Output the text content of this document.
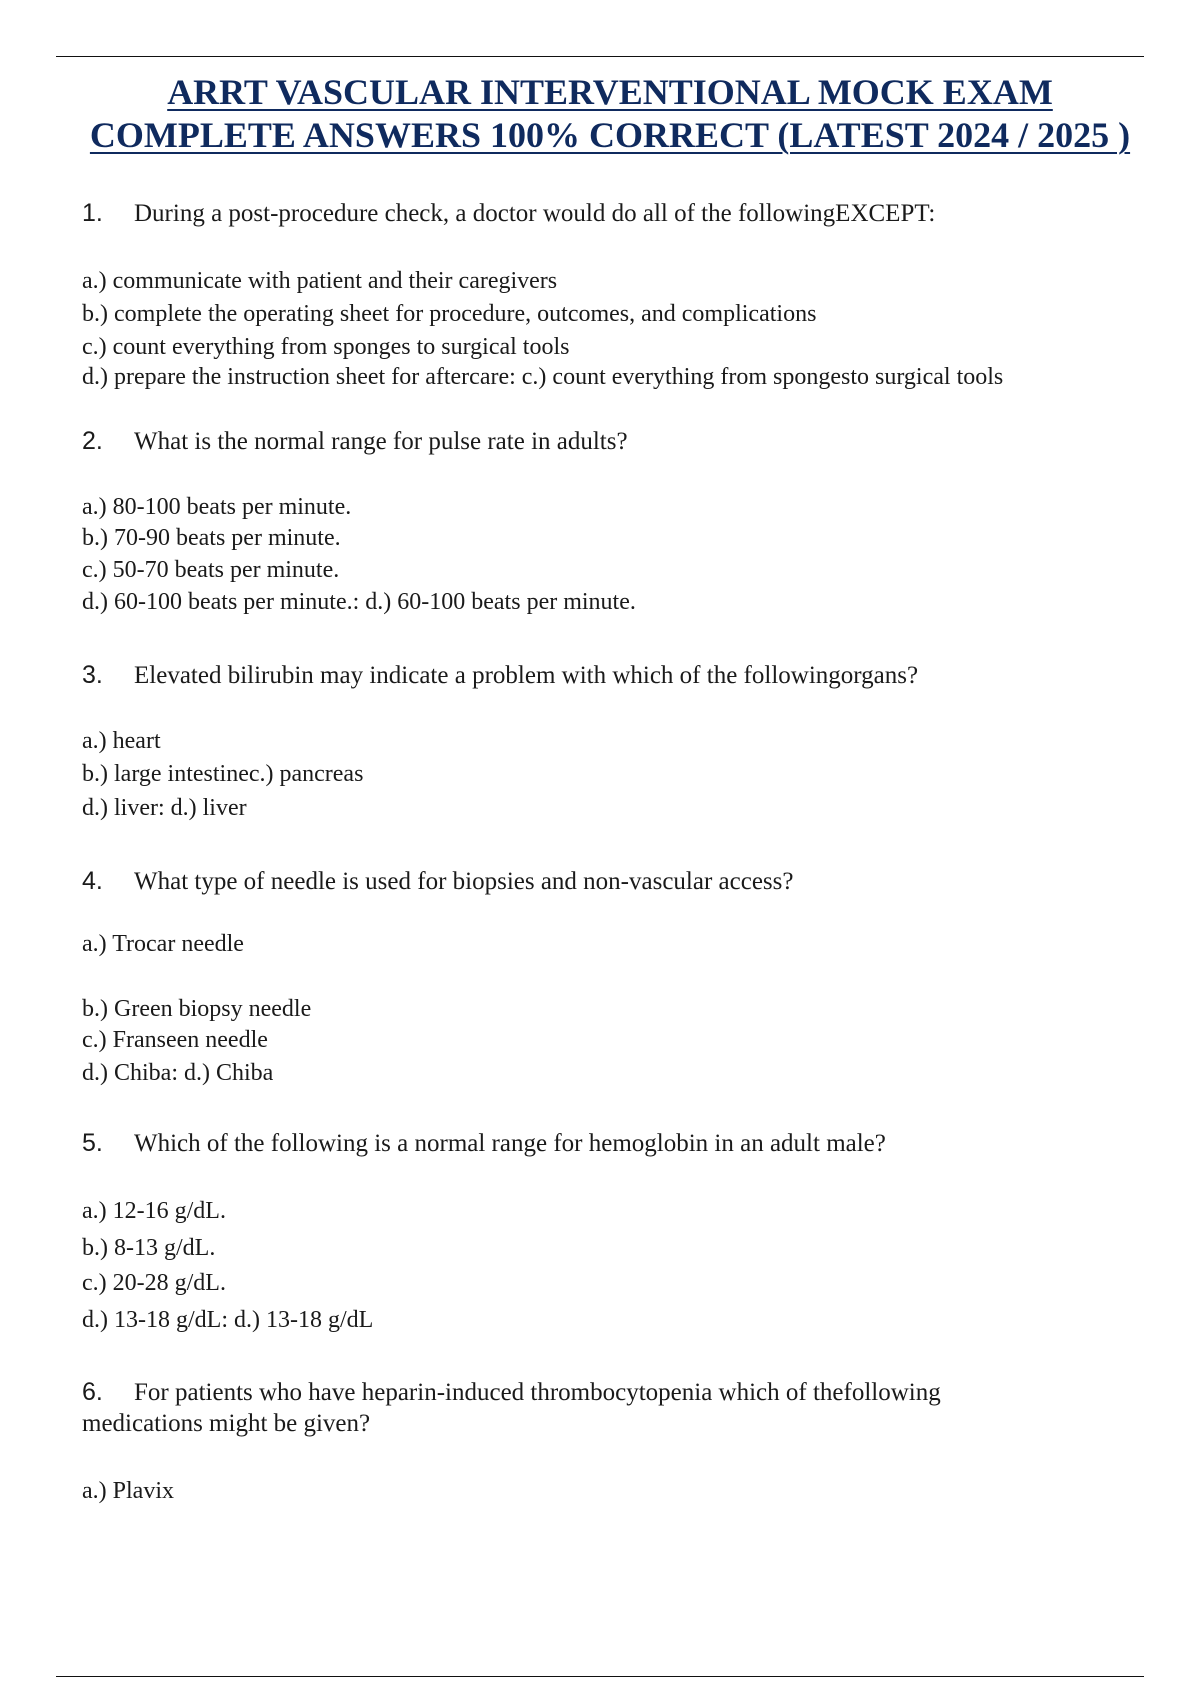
ARRT VASCULAR INTERVENTIONAL MOCK EXAM
COMPLETE ANSWERS 100% CORRECT (LATEST 2024 / 2025 )

1. During a post-procedure check, a doctor would do all of the followingEXCEPT:

a.) communicate with patient and their caregivers

b.) complete the operating sheet for procedure, outcomes, and complications

c.) count everything from sponges to surgical tools

d.) prepare the instruction sheet for aftercare: c.) count everything from spongesto surgical tools

2. What is the normal range for pulse rate in adults?

a.) 80-100 beats per minute.

b.) 70-90 beats per minute.

c.) 50-70 beats per minute.

d.) 60-100 beats per minute.: d.) 60-100 beats per minute.

3. Elevated bilirubin may indicate a problem with which of the followingorgans?

a.) heart

b.) large intestinec.) pancreas

d.) liver: d.) liver

4. What type of needle is used for biopsies and non-vascular access?

a.) Trocar needle

b.) Green biopsy needle

c.) Franseen needle

d.) Chiba: d.) Chiba

5. Which of the following is a normal range for hemoglobin in an adult male?

a.) 12-16 g/dL.

b.) 8-13 g/dL.

c.) 20-28 g/dL.

d.) 13-18 g/dL: d.) 13-18 g/dL

6. For patients who have heparin-induced thrombocytopenia which of thefollowing

medications might be given?

a.) Plavix
